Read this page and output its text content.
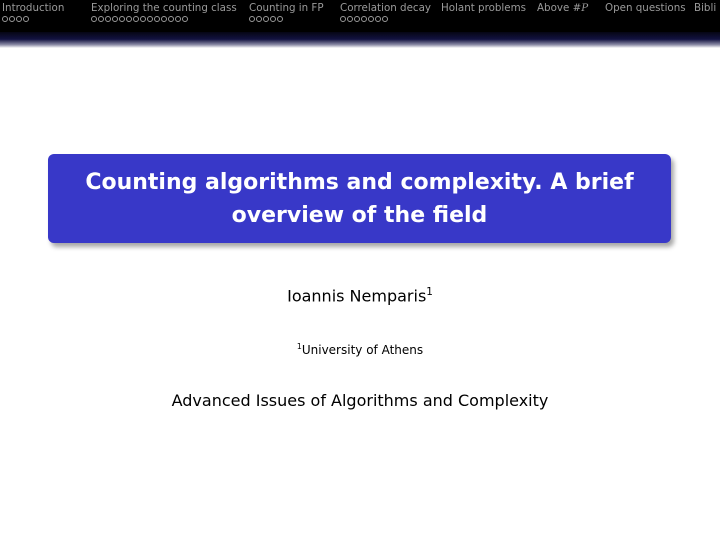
Introduction	Exploring the counting class Counting in FP Correlation decay Holant problems Above #P Open questions Bibli
Counting algorithms and complexity. A brief overview of the field
Ioannis Nemparis$^1$
$^1$University of Athens
Advanced Issues of Algorithms and Complexity
